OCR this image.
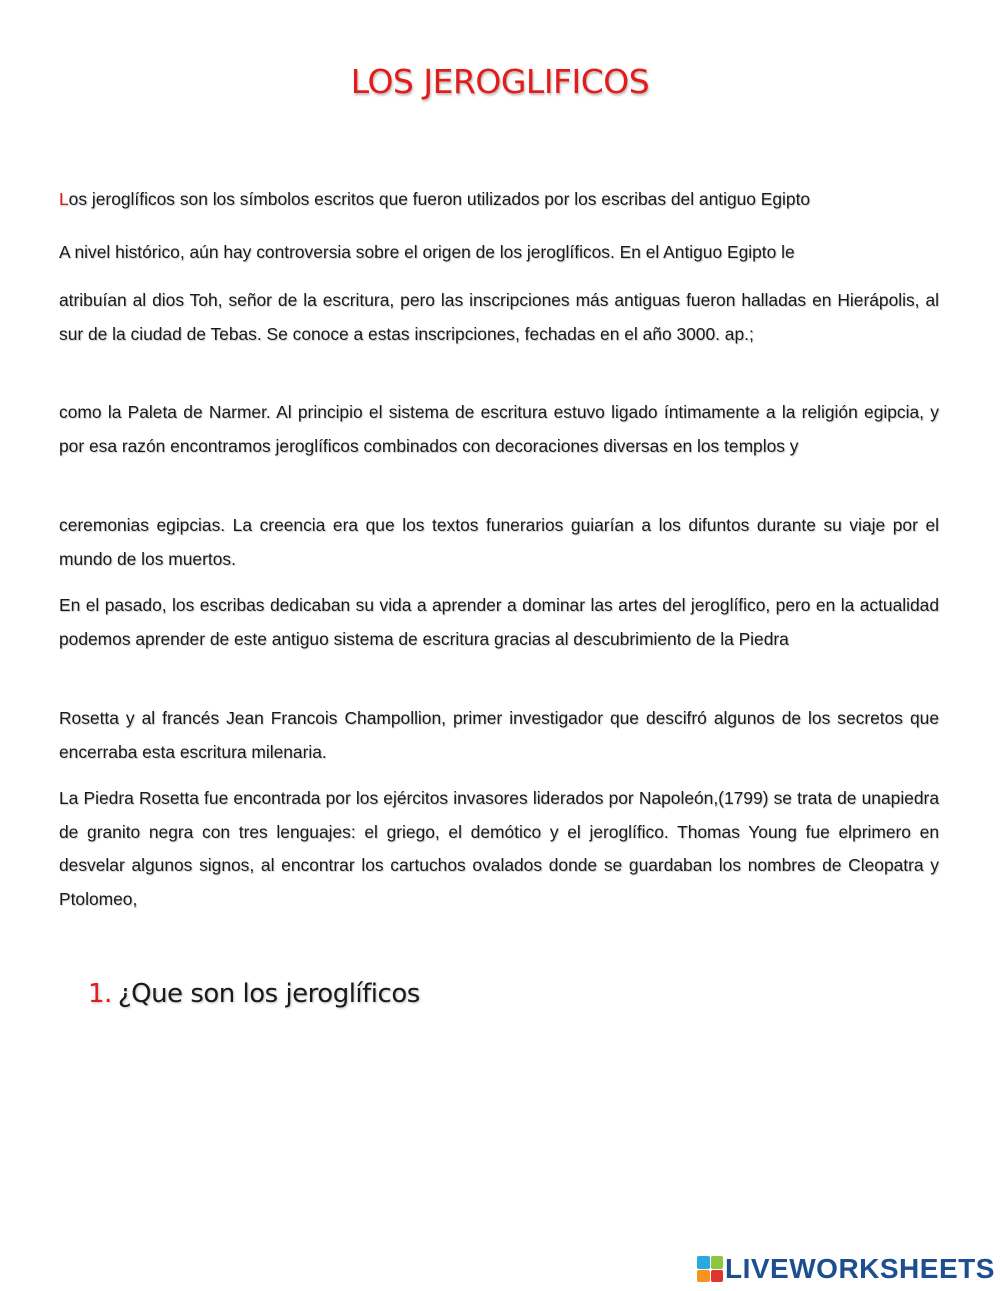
LOS JEROGLIFICOS

Los jeroglíficos son los símbolos escritos que fueron utilizados por los escribas del antiguo Egipto

A nivel histórico, aún hay controversia sobre el origen de los jeroglíficos. En el Antiguo Egipto le

atribuían al dios Toh, señor de la escritura, pero las inscripciones más antiguas fueron halladas en Hierápolis, al sur de la ciudad de Tebas. Se conoce a estas inscripciones, fechadas en el año 3000. ap.;

como la Paleta de Narmer. Al principio el sistema de escritura estuvo ligado íntimamente a la religión egipcia, y por esa razón encontramos jeroglíficos combinados con decoraciones diversas en los templos y

ceremonias egipcias. La creencia era que los textos funerarios guiarían a los difuntos durante su viaje por el mundo de los muertos.

En el pasado, los escribas dedicaban su vida a aprender a dominar las artes del jeroglífico, pero en la actualidad podemos aprender de este antiguo sistema de escritura gracias al descubrimiento de la Piedra

Rosetta y al francés Jean Francois Champollion, primer investigador que descifró algunos de los secretos que encerraba esta escritura milenaria.

La Piedra Rosetta fue encontrada por los ejércitos invasores liderados por Napoleón,(1799) se trata de unapiedra de granito negra con tres lenguajes: el griego, el demótico y el jeroglífico. Thomas Young fue elprimero en desvelar algunos signos, al encontrar los cartuchos ovalados donde se guardaban los nombres de Cleopatra y Ptolomeo,

1. ¿Que son los jeroglíficos
LIVEWORKSHEETS
